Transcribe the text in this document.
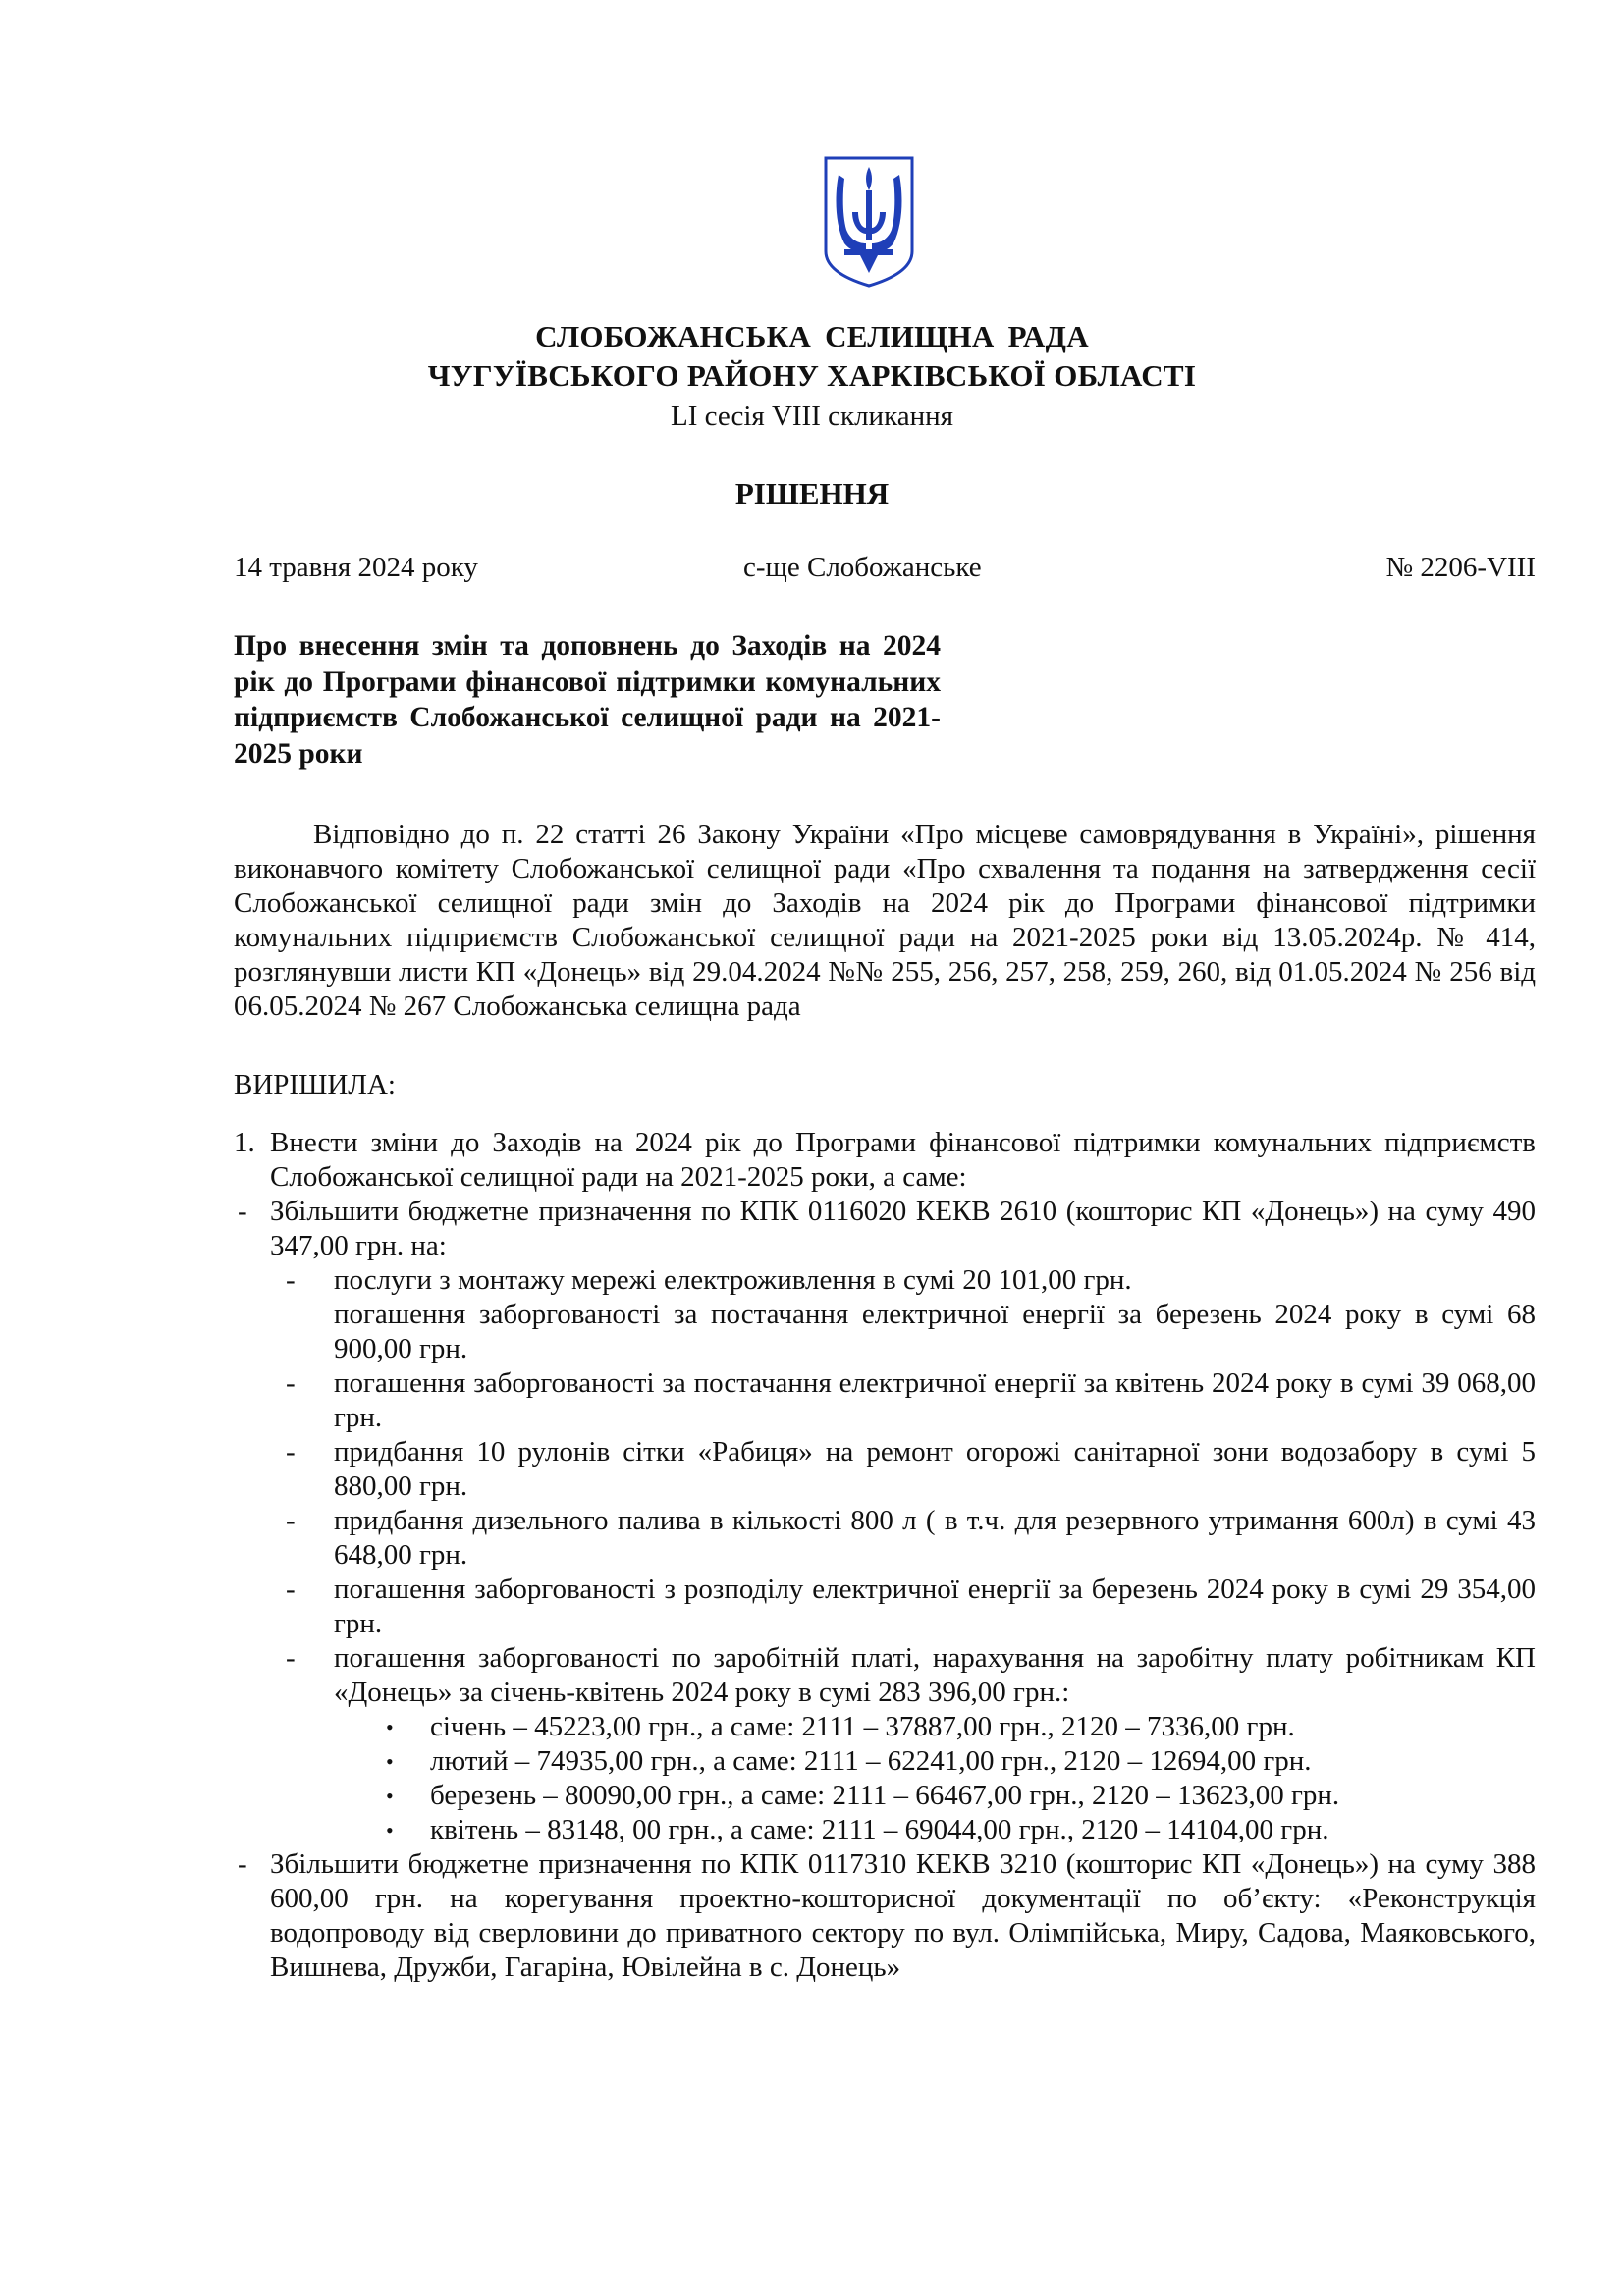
СЛОБОЖАНСЬКА СЕЛИЩНА РАДА
ЧУГУЇВСЬКОГО РАЙОНУ ХАРКІВСЬКОЇ ОБЛАСТІ
LI сесія VIII скликання
РІШЕННЯ
14 травня 2024 року	с-ще Слобожанське	№ 2206-VIII
Про внесення змін та доповнень до Заходів на 2024 рік до Програми фінансової підтримки комунальних підприємств Слобожанської селищної ради на 2021-2025 роки
Відповідно до п. 22 статті 26 Закону України «Про місцеве самоврядування в Україні», рішення виконавчого комітету Слобожанської селищної ради «Про схвалення та подання на затвердження сесії Слобожанської селищної ради змін до Заходів на 2024 рік до Програми фінансової підтримки комунальних підприємств Слобожанської селищної ради на 2021-2025 роки від 13.05.2024р. № 414, розглянувши листи КП «Донець» від 29.04.2024 №№ 255, 256, 257, 258, 259, 260, від 01.05.2024 № 256 від 06.05.2024 № 267 Слобожанська селищна рада
ВИРІШИЛА:
1. Внести зміни до Заходів на 2024 рік до Програми фінансової підтримки комунальних підприємств Слобожанської селищної ради на 2021-2025 роки, а саме:
- Збільшити бюджетне призначення по КПК 0116020 КЕКВ 2610 (кошторис КП «Донець») на суму 490 347,00 грн. на:
- послуги з монтажу мережі електроживлення в сумі 20 101,00 грн.
погашення заборгованості за постачання електричної енергії за березень 2024 року в сумі 68 900,00 грн.
- погашення заборгованості за постачання електричної енергії за квітень 2024 року в сумі 39 068,00 грн.
- придбання 10 рулонів сітки «Рабиця» на ремонт огорожі санітарної зони водозабору в сумі 5 880,00 грн.
- придбання дизельного палива в кількості 800 л ( в т.ч. для резервного утримання 600л) в сумі 43 648,00 грн.
- погашення заборгованості з розподілу електричної енергії за березень 2024 року в сумі 29 354,00 грн.
- погашення заборгованості по заробітній платі, нарахування на заробітну плату робітникам КП «Донець» за січень-квітень 2024 року в сумі 283 396,00 грн.:
• січень – 45223,00 грн., а саме: 2111 – 37887,00 грн., 2120 – 7336,00 грн.
• лютий – 74935,00 грн., а саме: 2111 – 62241,00 грн., 2120 – 12694,00 грн.
• березень – 80090,00 грн., а саме: 2111 – 66467,00 грн., 2120 – 13623,00 грн.
• квітень – 83148, 00 грн., а саме: 2111 – 69044,00 грн., 2120 – 14104,00 грн.
- Збільшити бюджетне призначення по КПК 0117310 КЕКВ 3210 (кошторис КП «Донець») на суму 388 600,00 грн. на корегування проектно-кошторисної документації по об’єкту: «Реконструкція водопроводу від сверловини до приватного сектору по вул. Олімпійська, Миру, Садова, Маяковського, Вишнева, Дружби, Гагаріна, Ювілейна в с. Донець»
